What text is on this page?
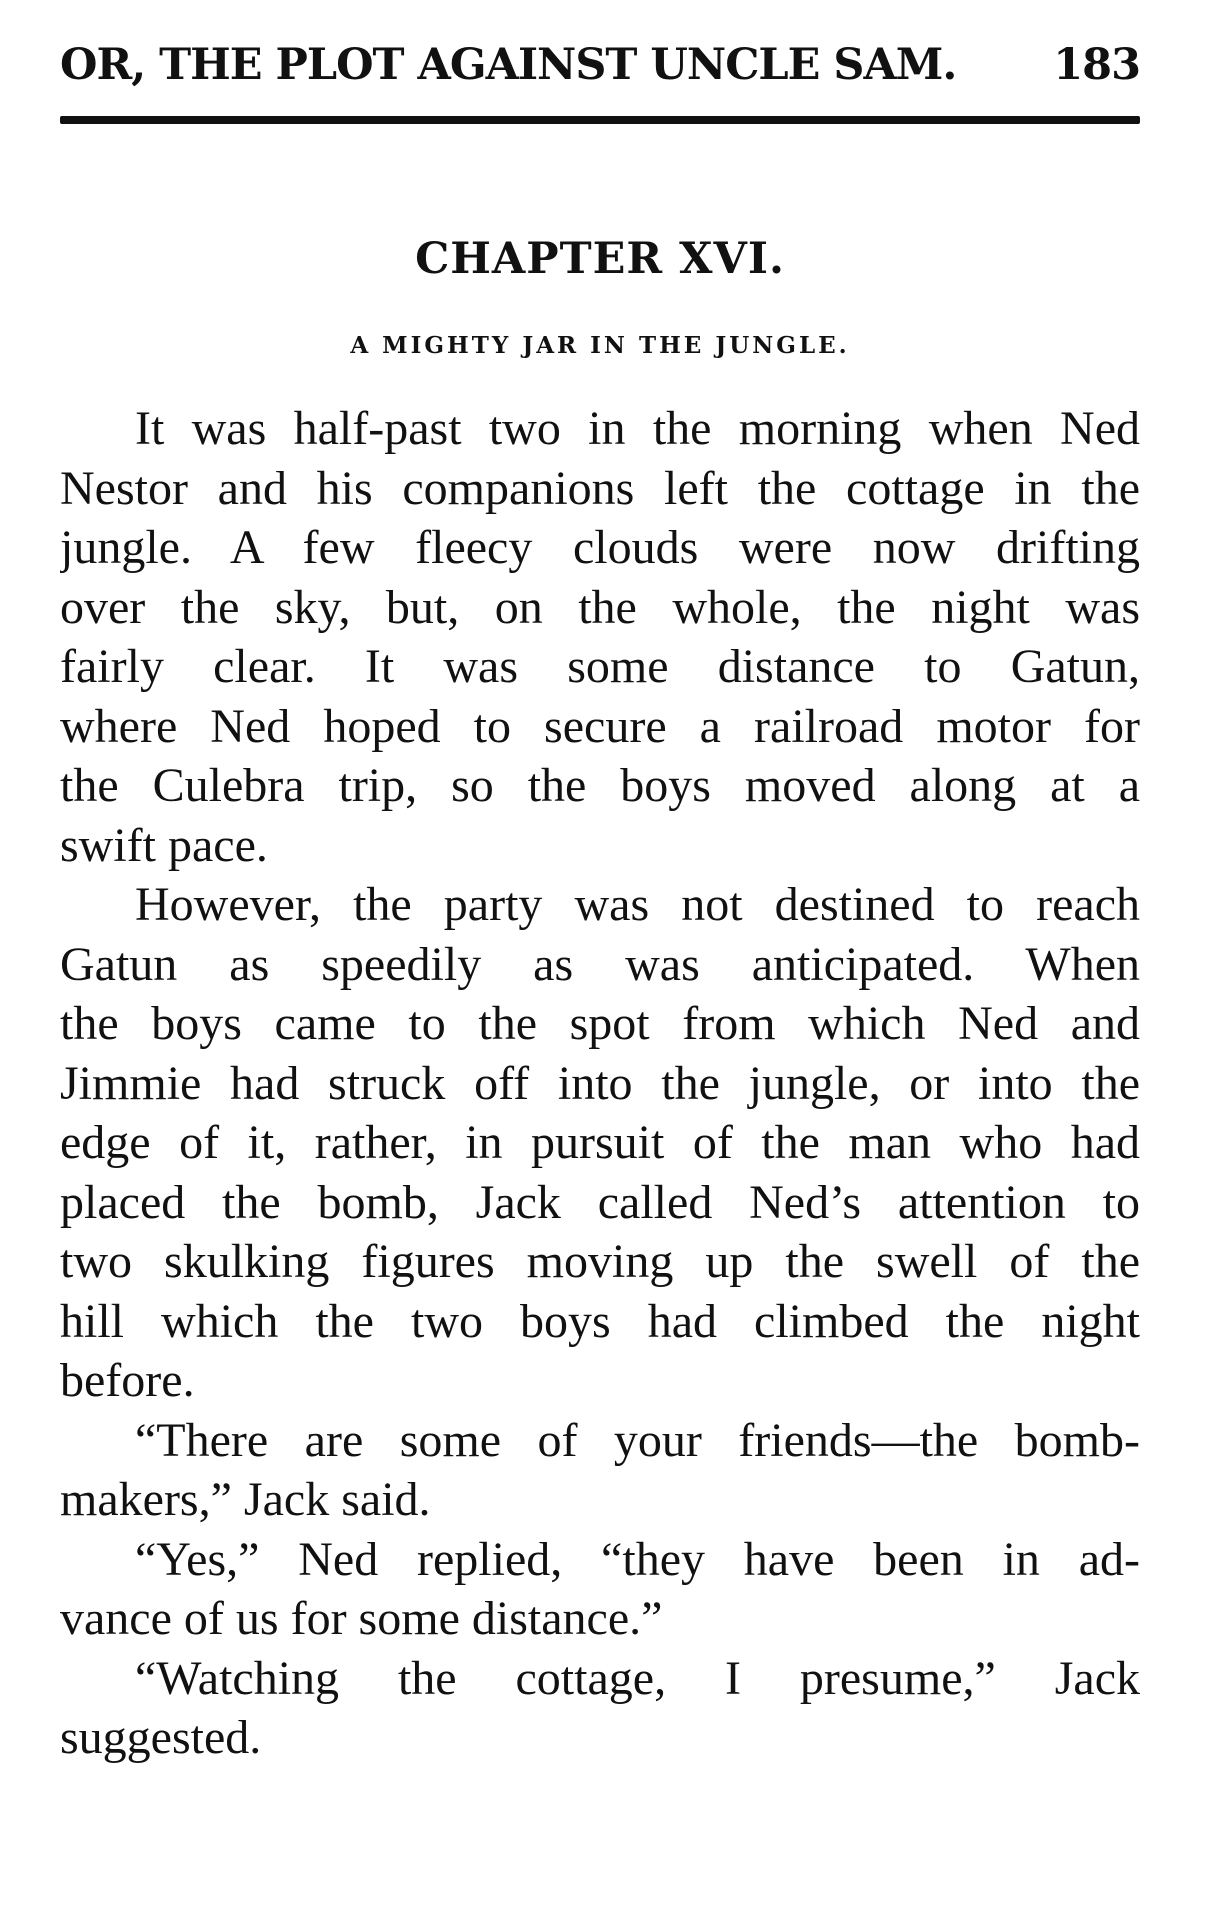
OR, THE PLOT AGAINST UNCLE SAM. 183
CHAPTER XVI.
A MIGHTY JAR IN THE JUNGLE.

It was half-past two in the morning when Ned
Nestor and his companions left the cottage in the
jungle. A few fleecy clouds were now drifting
over the sky, but, on the whole, the night was
fairly clear. It was some distance to Gatun,
where Ned hoped to secure a railroad motor for
the Culebra trip, so the boys moved along at a
swift pace.

However, the party was not destined to reach
Gatun as speedily as was anticipated. When
the boys came to the spot from which Ned and
Jimmie had struck off into the jungle, or into the
edge of it, rather, in pursuit of the man who had
placed the bomb, Jack called Ned’s attention to
two skulking figures moving up the swell of the
hill which the two boys had climbed the night
before.

“There are some of your friends—the bomb-
makers,” Jack said.

“Yes,” Ned replied, “they have been in ad-
vance of us for some distance.”

“Watching the cottage, I presume,” Jack
suggested.
